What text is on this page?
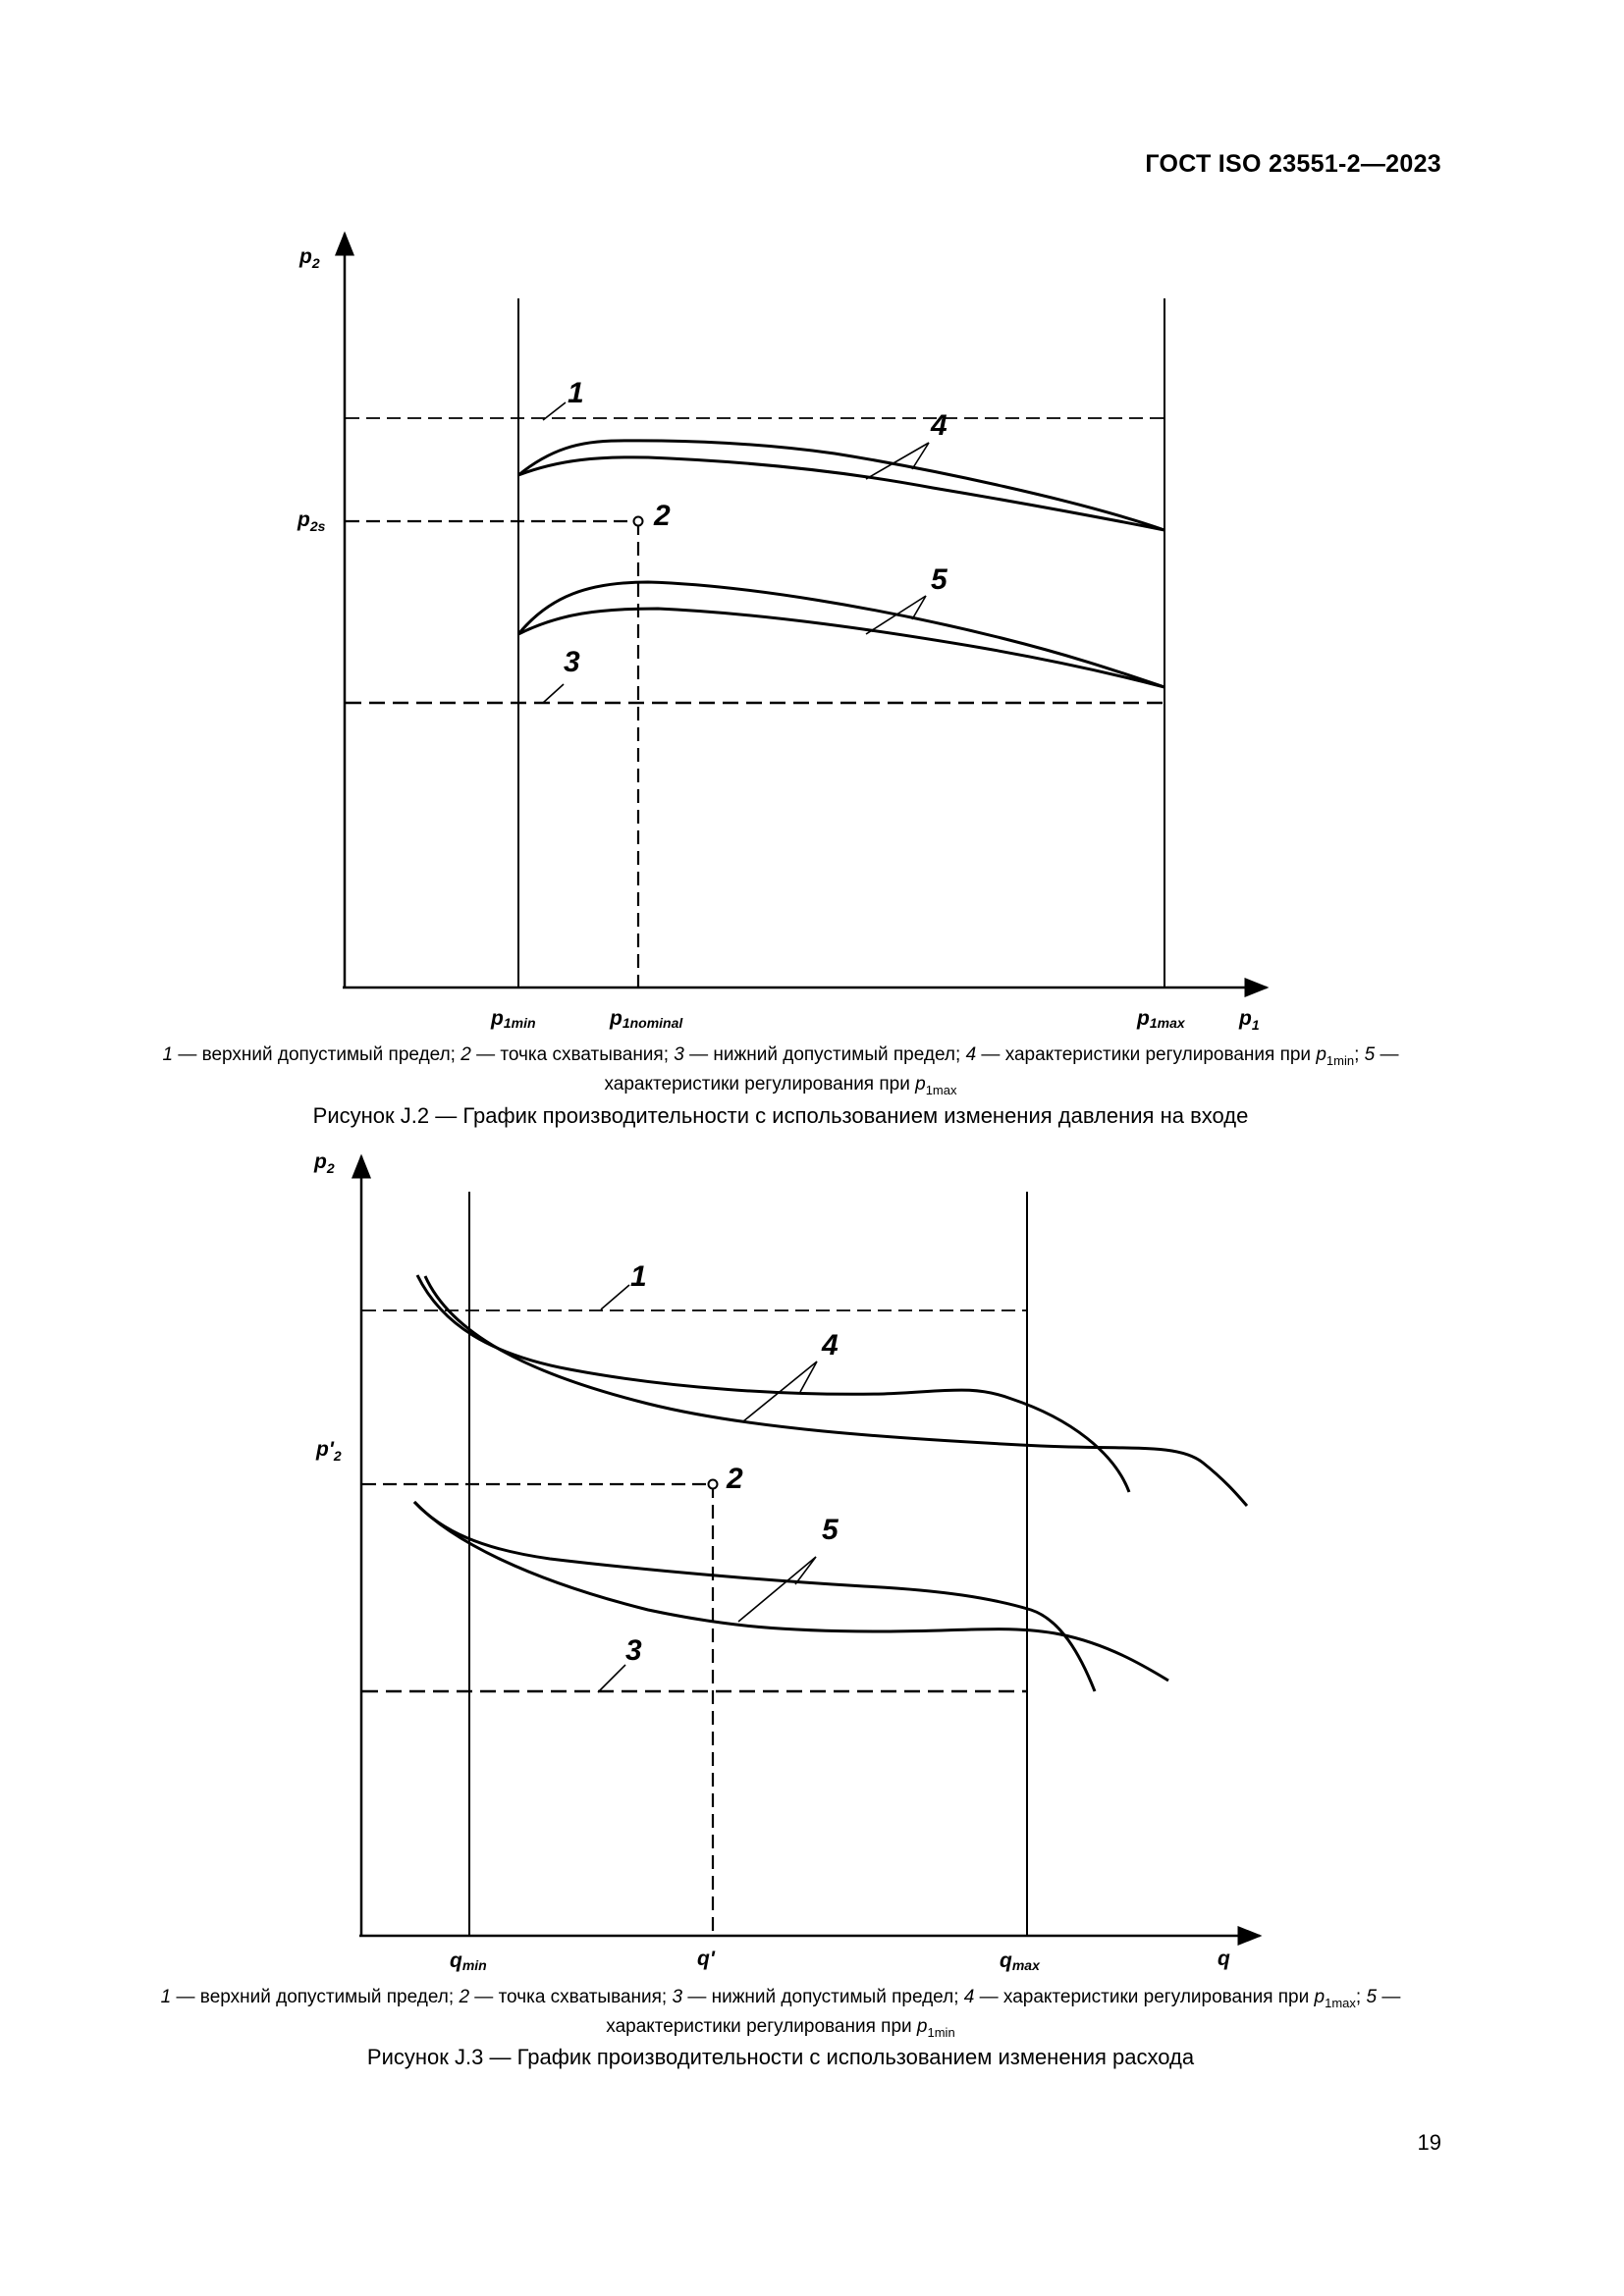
ГОСТ ISO 23551-2—2023
1
2
3
4
5
$p_2$
$p_{2s}$
p1min	p1nominal	p1max	$p_1$
1 — верхний допустимый предел; 2 — точка схватывания; 3 — нижний допустимый предел; 4 — характеристики регулирования при $p_{1min}$; 5 — характеристики регулирования при $p_{1max}$
Рисунок J.2 — График производительности с использованием изменения давления на входе
1
2
3
4
5
$p_2$
$p'_2$
qmin	q'	qmax	q
1 — верхний допустимый предел; 2 — точка схватывания; 3 — нижний допустимый предел; 4 — характеристики регулирования при $p_{1max}$; 5 — характеристики регулирования при $p_{1min}$
Рисунок J.3 — График производительности с использованием изменения расхода
19
